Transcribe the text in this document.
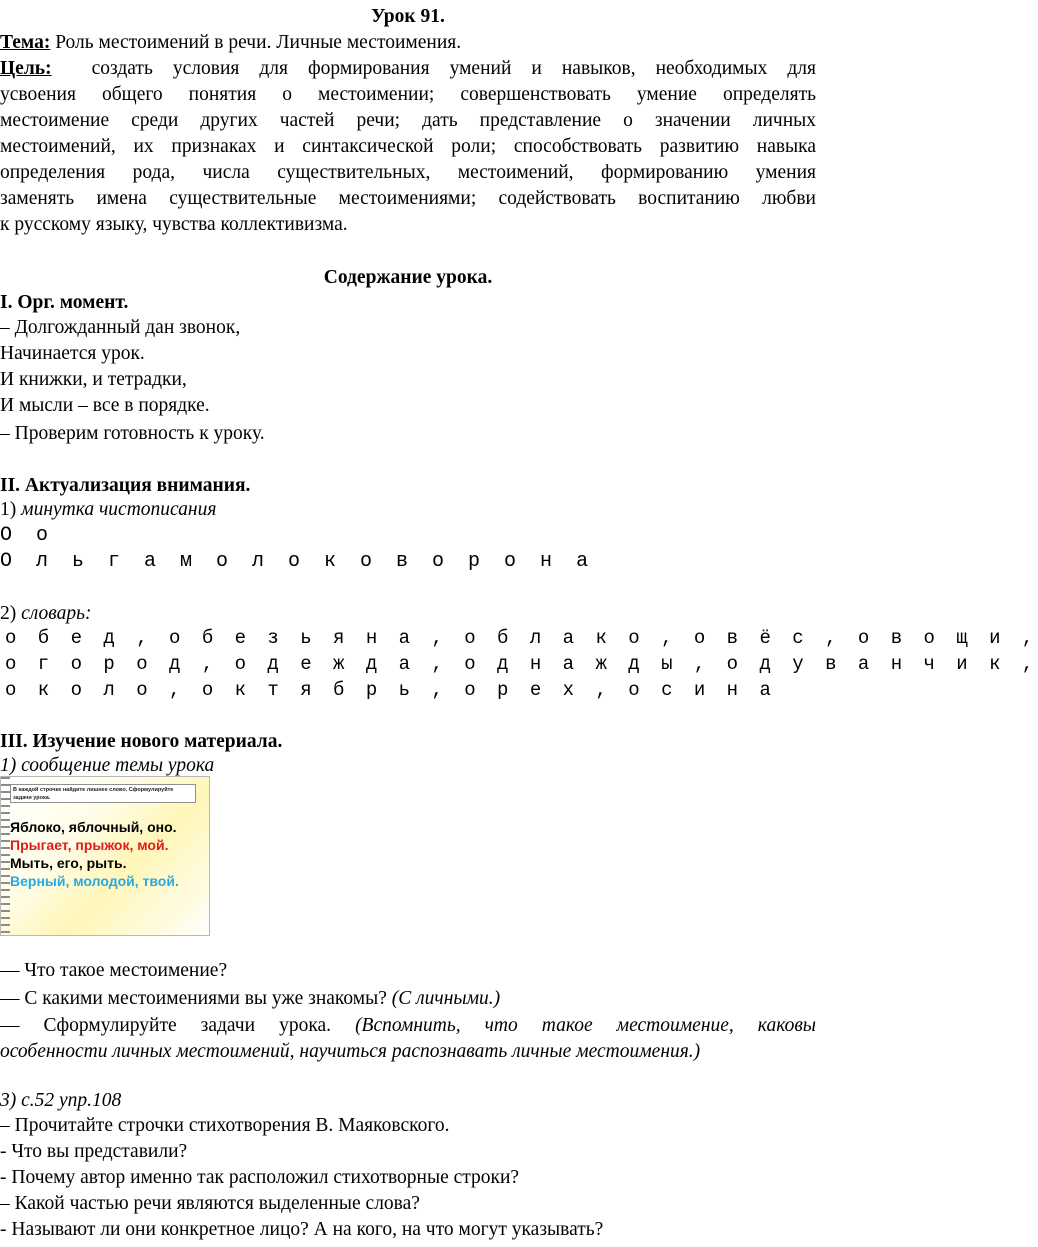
Урок 91.
Тема: Роль местоимений в речи. Личные местоимения.
Цель: создать условия для формирования умений и навыков, необходимых для
усвоения общего понятия о местоимении; совершенствовать умение определять
местоимение среди других частей речи; дать представление о значении личных
местоимений, их признаках и синтаксической роли; способствовать развитию навыка
определения рода, числа существительных, местоимений, формированию умения
заменять имена существительные местоимениями; содействовать воспитанию любви
к русскому языку, чувства коллективизма.
Содержание урока.
I. Орг. момент.
– Долгожданный дан звонок,
Начинается урок.
И книжки, и тетрадки,
И мысли – все в порядке.
– Проверим готовность к уроку.
II. Актуализация внимания.
1) минутка чистописания
О о
О л ь г а м о л о к о в о р о н а
2) словарь:
о б е д , о б е з ь я н а , о б л а к о , о в ё с , о в о щ и ,
о г о р о д , о д е ж д а , о д н а ж д ы , о д у в а н ч и к ,
о к о л о , о к т я б р ь , о р е х , о с и н а
III. Изучение нового материала.
1) сообщение темы урока
В каждой строчке найдите лишнее слово. Сформулируйте задачи урока.
Яблоко, яблочный, оно.
Прыгает, прыжок, мой.
Мыть, его, рыть.
Верный, молодой, твой.
— Что такое местоимение?
— С какими местоимениями вы уже знакомы? (С личными.)
— Сформулируйте задачи урока. (Вспомнить, что такое местоимение, каковы
особенности личных местоимений, научиться распознавать личные местоимения.)
3) с.52 упр.108
– Прочитайте строчки стихотворения В. Маяковского.
- Что вы представили?
- Почему автор именно так расположил стихотворные строки?
– Какой частью речи являются выделенные слова?
- Называют ли они конкретное лицо? А на кого, на что могут указывать?
